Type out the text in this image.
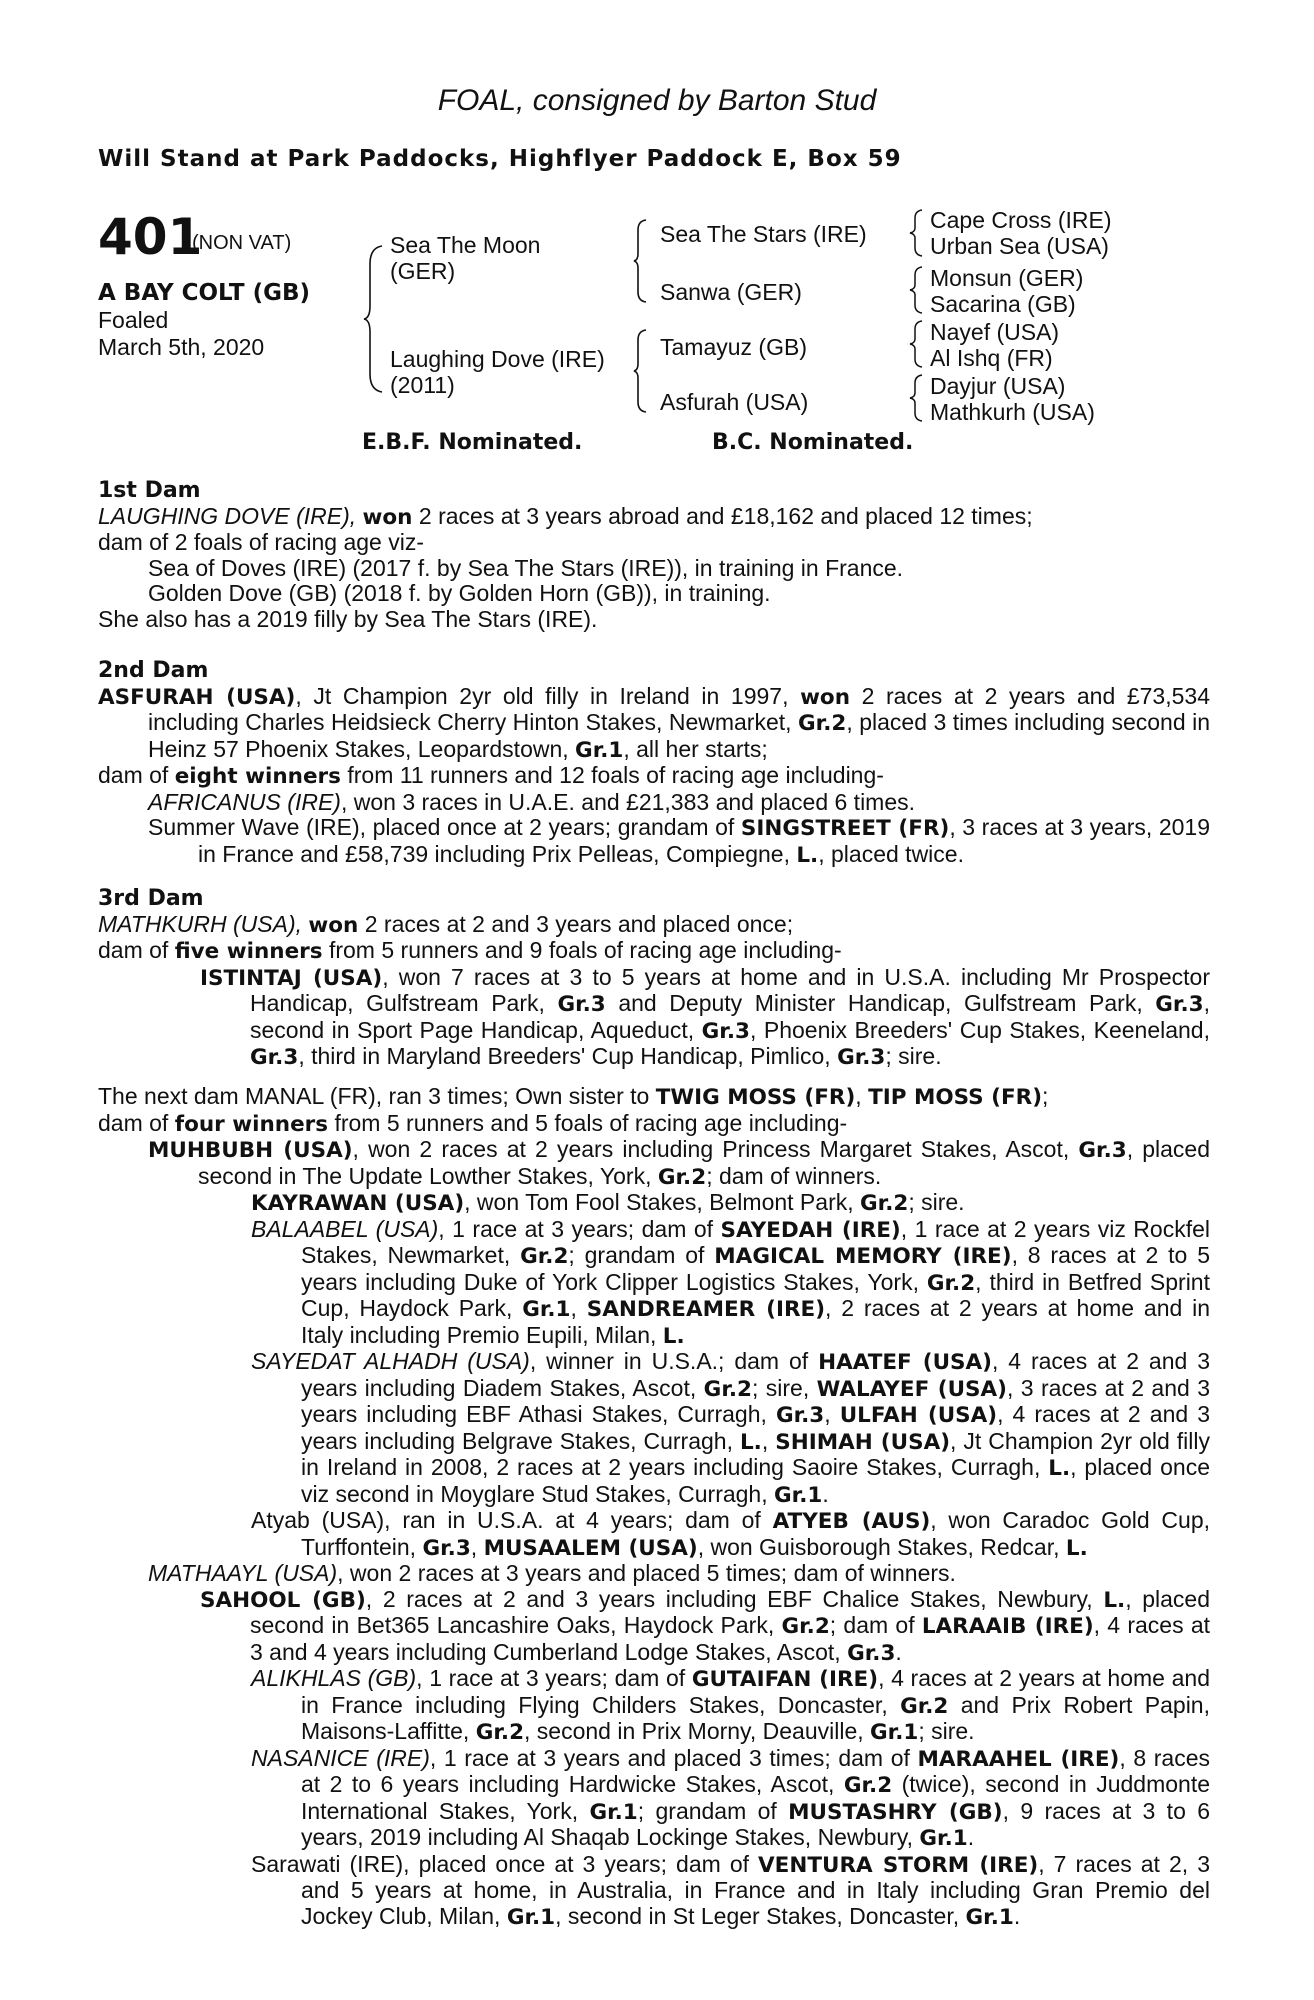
FOAL, consigned by Barton Stud
Will Stand at Park Paddocks, Highflyer Paddock E, Box 59
401
(NON VAT)
A BAY COLT (GB)
Foaled
March 5th, 2020
Sea The Moon (GER)
Laughing Dove (IRE) (2011)
Sea The Stars (IRE)
Sanwa (GER)
Tamayuz (GB)
Asfurah (USA)
Cape Cross (IRE)
Urban Sea (USA)
Monsun (GER)
Sacarina (GB)
Nayef (USA)
Al Ishq (FR)
Dayjur (USA)
Mathkurh (USA)
E.B.F. Nominated.	B.C. Nominated.
1st Dam
LAUGHING DOVE (IRE), won 2 races at 3 years abroad and £18,162 and placed 12 times;
dam of 2 foals of racing age viz-
Sea of Doves (IRE) (2017 f. by Sea The Stars (IRE)), in training in France.
Golden Dove (GB) (2018 f. by Golden Horn (GB)), in training.
She also has a 2019 filly by Sea The Stars (IRE).
2nd Dam

ASFURAH (USA), Jt Champion 2yr old filly in Ireland in 1997, won 2 races at 2 years and £73,534 including Charles Heidsieck Cherry Hinton Stakes, Newmarket, Gr.2, placed 3 times including second in Heinz 57 Phoenix Stakes, Leopardstown, Gr.1, all her starts;

dam of eight winners from 11 runners and 12 foals of racing age including-
AFRICANUS (IRE), won 3 races in U.A.E. and £21,383 and placed 6 times.

Summer Wave (IRE), placed once at 2 years; grandam of SINGSTREET (FR), 3 races at 3 years, 2019 in France and £58,739 including Prix Pelleas, Compiegne, L., placed twice.

3rd Dam
MATHKURH (USA), won 2 races at 2 and 3 years and placed once;
dam of five winners from 5 runners and 9 foals of racing age including-

ISTINTAJ (USA), won 7 races at 3 to 5 years at home and in U.S.A. including Mr Prospector Handicap, Gulfstream Park, Gr.3 and Deputy Minister Handicap, Gulfstream Park, Gr.3, second in Sport Page Handicap, Aqueduct, Gr.3, Phoenix Breeders' Cup Stakes, Keeneland, Gr.3, third in Maryland Breeders' Cup Handicap, Pimlico, Gr.3; sire.

The next dam MANAL (FR), ran 3 times; Own sister to TWIG MOSS (FR), TIP MOSS (FR);
dam of four winners from 5 runners and 5 foals of racing age including-

MUHBUBH (USA), won 2 races at 2 years including Princess Margaret Stakes, Ascot, Gr.3, placed second in The Update Lowther Stakes, York, Gr.2; dam of winners.

KAYRAWAN (USA), won Tom Fool Stakes, Belmont Park, Gr.2; sire.

BALAABEL (USA), 1 race at 3 years; dam of SAYEDAH (IRE), 1 race at 2 years viz Rockfel Stakes, Newmarket, Gr.2; grandam of MAGICAL MEMORY (IRE), 8 races at 2 to 5 years including Duke of York Clipper Logistics Stakes, York, Gr.2, third in Betfred Sprint Cup, Haydock Park, Gr.1, SANDREAMER (IRE), 2 races at 2 years at home and in Italy including Premio Eupili, Milan, L.

SAYEDAT ALHADH (USA), winner in U.S.A.; dam of HAATEF (USA), 4 races at 2 and 3 years including Diadem Stakes, Ascot, Gr.2; sire, WALAYEF (USA), 3 races at 2 and 3 years including EBF Athasi Stakes, Curragh, Gr.3, ULFAH (USA), 4 races at 2 and 3 years including Belgrave Stakes, Curragh, L., SHIMAH (USA), Jt Champion 2yr old filly in Ireland in 2008, 2 races at 2 years including Saoire Stakes, Curragh, L., placed once viz second in Moyglare Stud Stakes, Curragh, Gr.1.

Atyab (USA), ran in U.S.A. at 4 years; dam of ATYEB (AUS), won Caradoc Gold Cup, Turffontein, Gr.3, MUSAALEM (USA), won Guisborough Stakes, Redcar, L.

MATHAAYL (USA), won 2 races at 3 years and placed 5 times; dam of winners.

SAHOOL (GB), 2 races at 2 and 3 years including EBF Chalice Stakes, Newbury, L., placed second in Bet365 Lancashire Oaks, Haydock Park, Gr.2; dam of LARAAIB (IRE), 4 races at 3 and 4 years including Cumberland Lodge Stakes, Ascot, Gr.3.

ALIKHLAS (GB), 1 race at 3 years; dam of GUTAIFAN (IRE), 4 races at 2 years at home and in France including Flying Childers Stakes, Doncaster, Gr.2 and Prix Robert Papin, Maisons-Laffitte, Gr.2, second in Prix Morny, Deauville, Gr.1; sire.

NASANICE (IRE), 1 race at 3 years and placed 3 times; dam of MARAAHEL (IRE), 8 races at 2 to 6 years including Hardwicke Stakes, Ascot, Gr.2 (twice), second in Juddmonte International Stakes, York, Gr.1; grandam of MUSTASHRY (GB), 9 races at 3 to 6 years, 2019 including Al Shaqab Lockinge Stakes, Newbury, Gr.1.

Sarawati (IRE), placed once at 3 years; dam of VENTURA STORM (IRE), 7 races at 2, 3 and 5 years at home, in Australia, in France and in Italy including Gran Premio del Jockey Club, Milan, Gr.1, second in St Leger Stakes, Doncaster, Gr.1.
